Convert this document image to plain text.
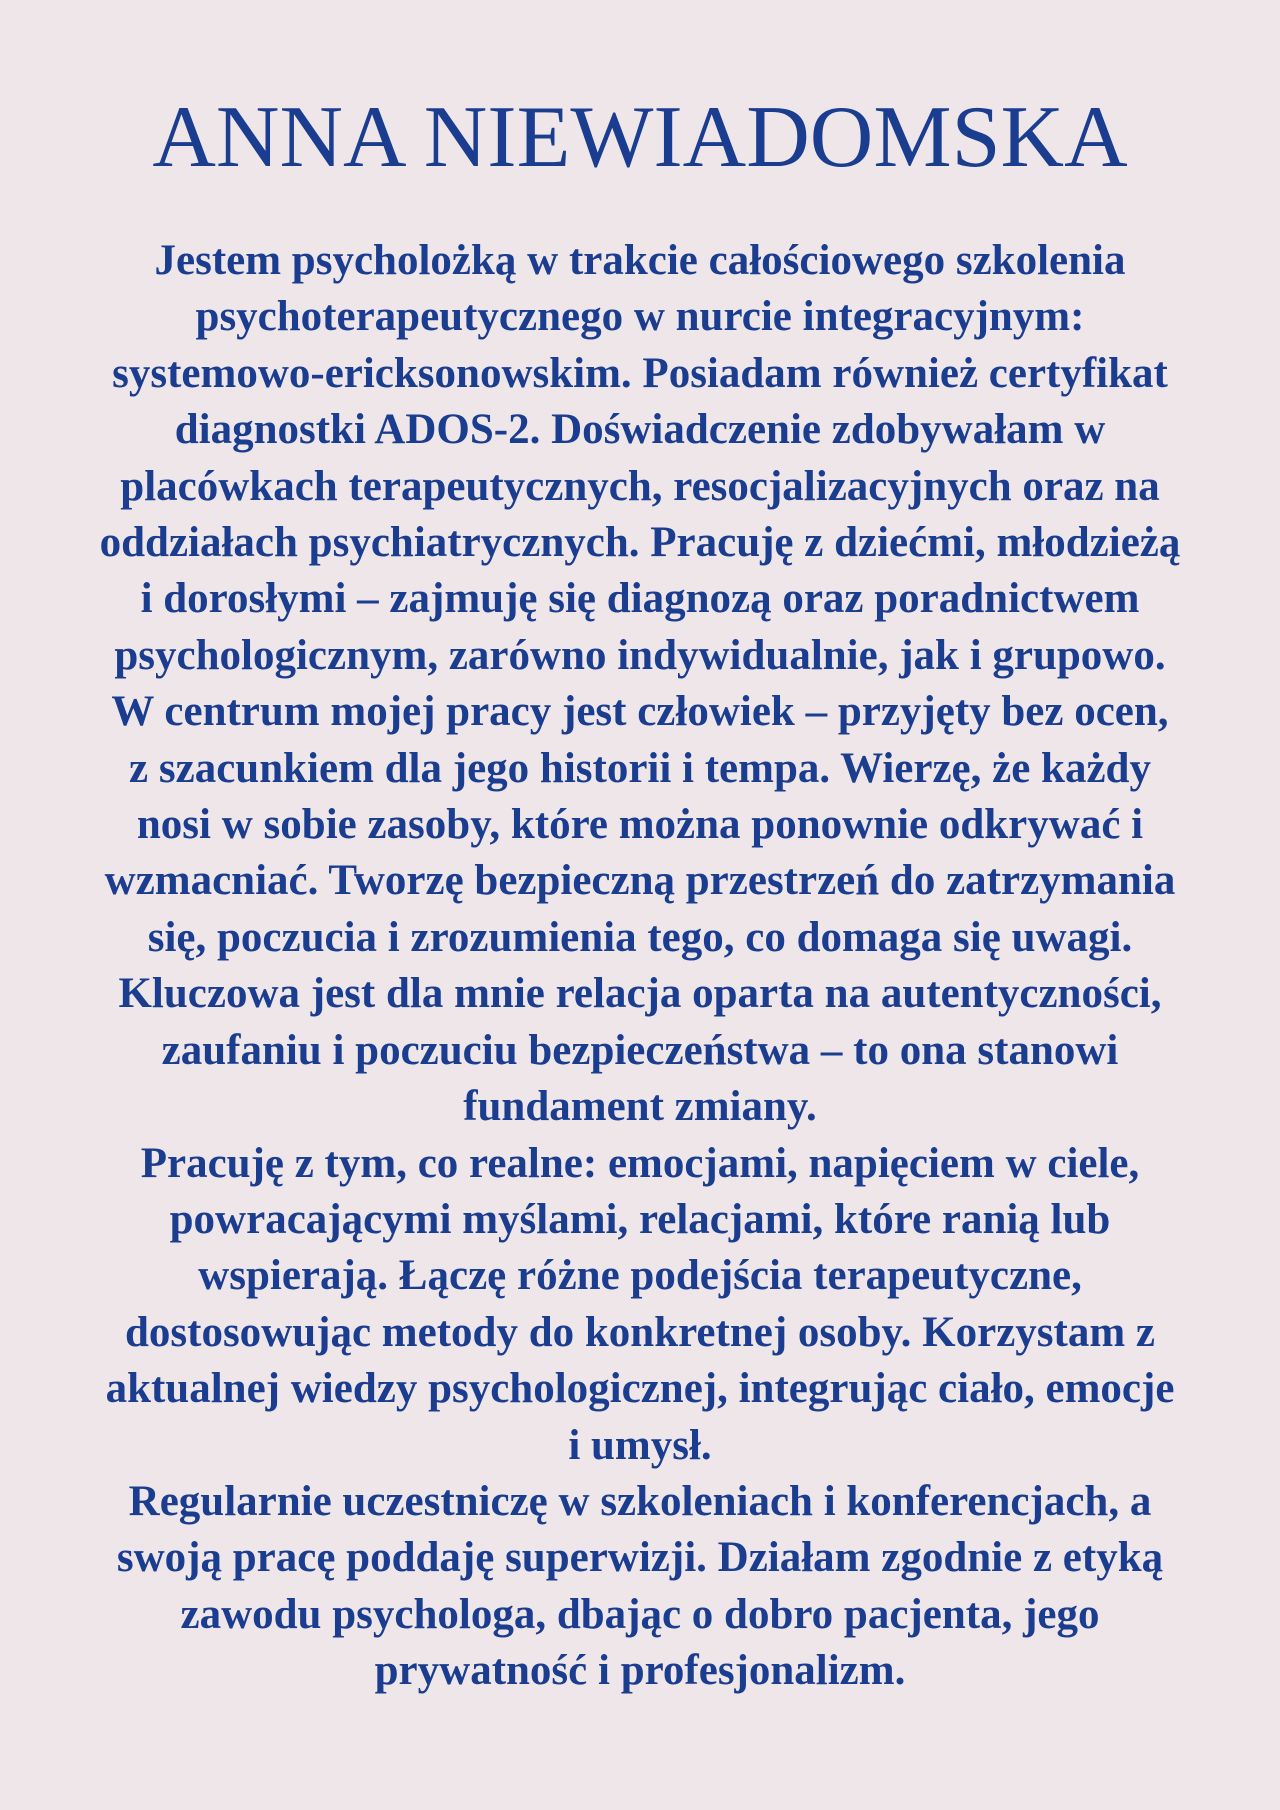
ANNA NIEWIADOMSKA
Jestem psycholożką w trakcie całościowego szkolenia
psychoterapeutycznego w nurcie integracyjnym:
systemowo-ericksonowskim. Posiadam również certyfikat
diagnostki ADOS-2. Doświadczenie zdobywałam w
placówkach terapeutycznych, resocjalizacyjnych oraz na
oddziałach psychiatrycznych. Pracuję z dziećmi, młodzieżą
i dorosłymi – zajmuję się diagnozą oraz poradnictwem
psychologicznym, zarówno indywidualnie, jak i grupowo.
W centrum mojej pracy jest człowiek – przyjęty bez ocen,
z szacunkiem dla jego historii i tempa. Wierzę, że każdy
nosi w sobie zasoby, które można ponownie odkrywać i
wzmacniać. Tworzę bezpieczną przestrzeń do zatrzymania
się, poczucia i zrozumienia tego, co domaga się uwagi.
Kluczowa jest dla mnie relacja oparta na autentyczności,
zaufaniu i poczuciu bezpieczeństwa – to ona stanowi
fundament zmiany.
Pracuję z tym, co realne: emocjami, napięciem w ciele,
powracającymi myślami, relacjami, które ranią lub
wspierają. Łączę różne podejścia terapeutyczne,
dostosowując metody do konkretnej osoby. Korzystam z
aktualnej wiedzy psychologicznej, integrując ciało, emocje
i umysł.
Regularnie uczestniczę w szkoleniach i konferencjach, a
swoją pracę poddaję superwizji. Działam zgodnie z etyką
zawodu psychologa, dbając o dobro pacjenta, jego
prywatność i profesjonalizm.
